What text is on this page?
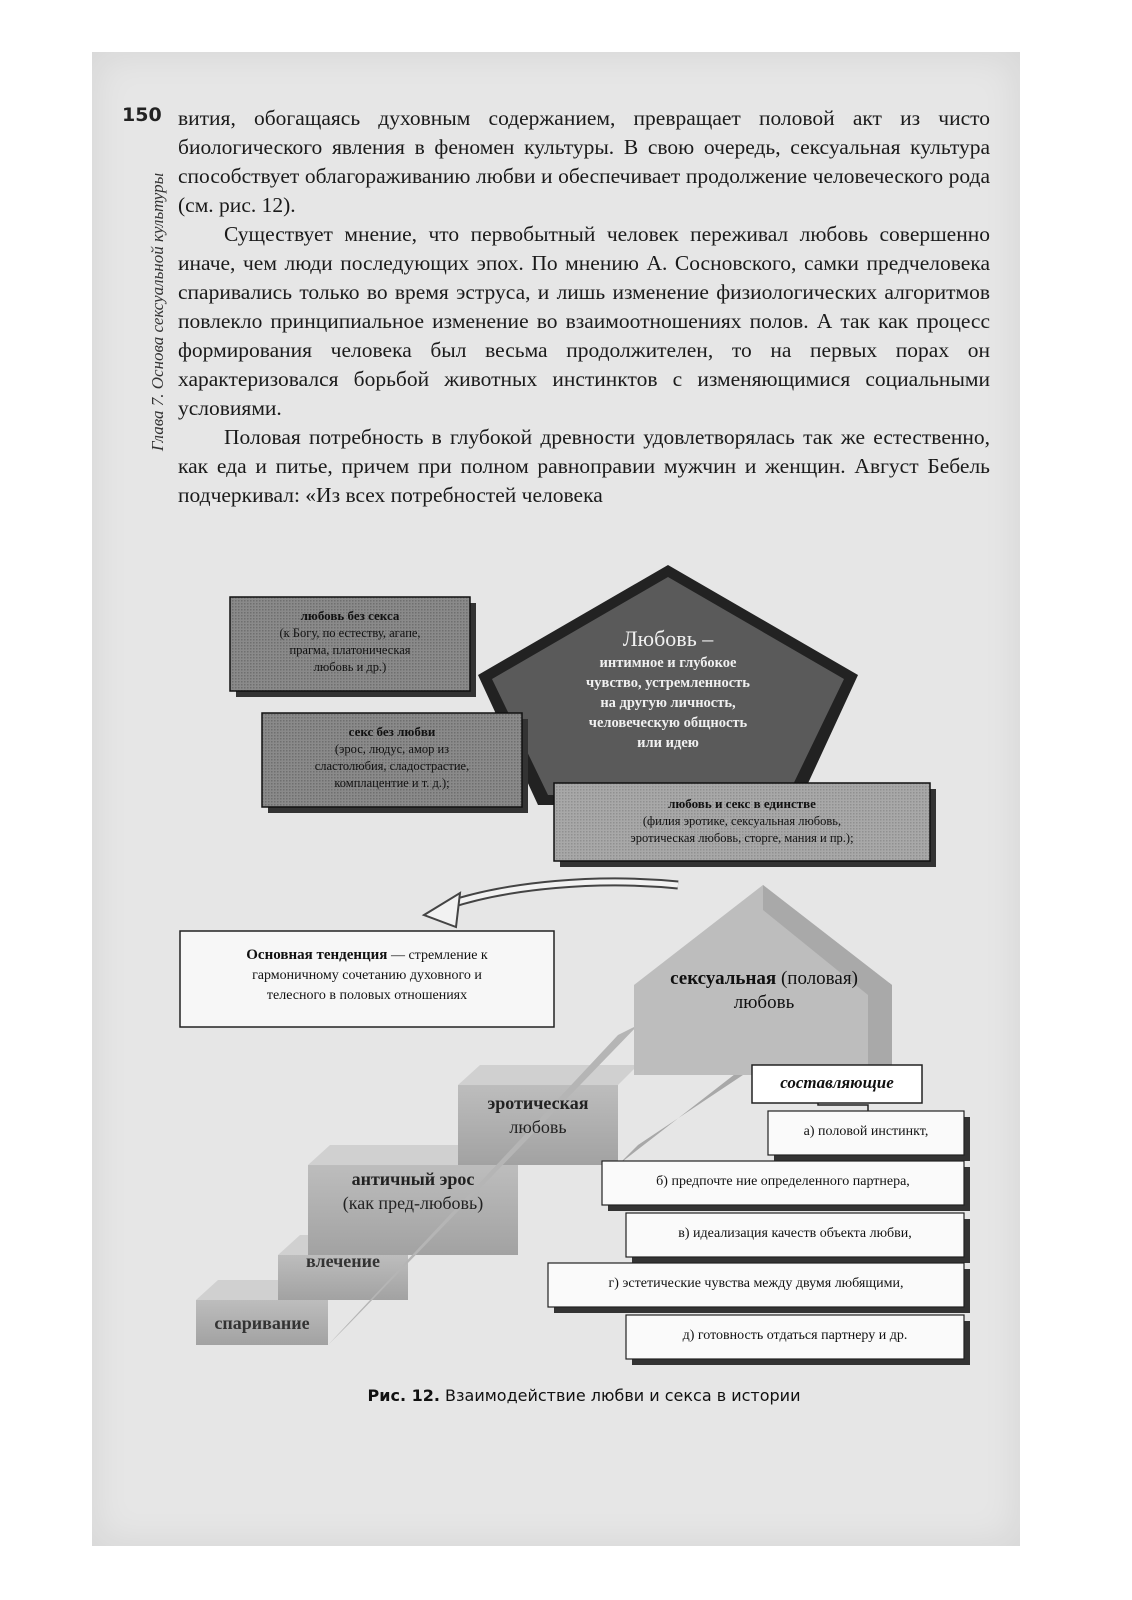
150
Глава 7. Основа сексуальной культуры

вития, обогащаясь духовным содержанием, превращает половой акт из чисто биологического явления в феномен культуры. В свою очередь, сексуальная культура способствует облагораживанию любви и обеспечивает продолжение человеческого рода (см. рис. 12).

Существует мнение, что первобытный человек переживал любовь совершенно иначе, чем люди последующих эпох. По мнению А. Сосновского, самки предчеловека спаривались только во время эструса, и лишь изменение физиологических алгоритмов повлекло принципиальное изменение во взаимоотношениях полов. А так как процесс формирования человека был весьма продолжителен, то на первых порах он характеризовался борьбой животных инстинктов с изменяющимися социальными условиями.

Половая потребность в глубокой древности удовлетворялась так же естественно, как еда и питье, причем при полном равноправии мужчин и женщин. Август Бебель подчеркивал: «Из всех потребностей человека

Любовь –
интимное и глубокое
чувство, устремленность
на другую личность,
человеческую общность
или идею
любовь без секса
(к Богу, по естеству, агапе,
прагма, платоническая
любовь и др.)
секс без любви
(эрос, людус, амор из
сластолюбия, сладострастие,
комплацентие и т. д.);
любовь и секс в единстве
(филия эротике, сексуальная любовь,
эротическая любовь, сторге, мания и пр.);
Основная тенденция — стремление к
гармоничному сочетанию духовного и
телесного в половых отношениях
сексуальная (половая)
любовь
спаривание
влечение
античный эрос
(как пред-любовь)
эротическая
любовь
составляющие
а) половой инстинкт,
б) предпочте ние определенного партнера,
в) идеализация качеств объекта любви,
г) эстетические чувства между двумя любящими,
д) готовность отдаться партнеру и др.
Рис. 12. Взаимодействие любви и секса в истории
